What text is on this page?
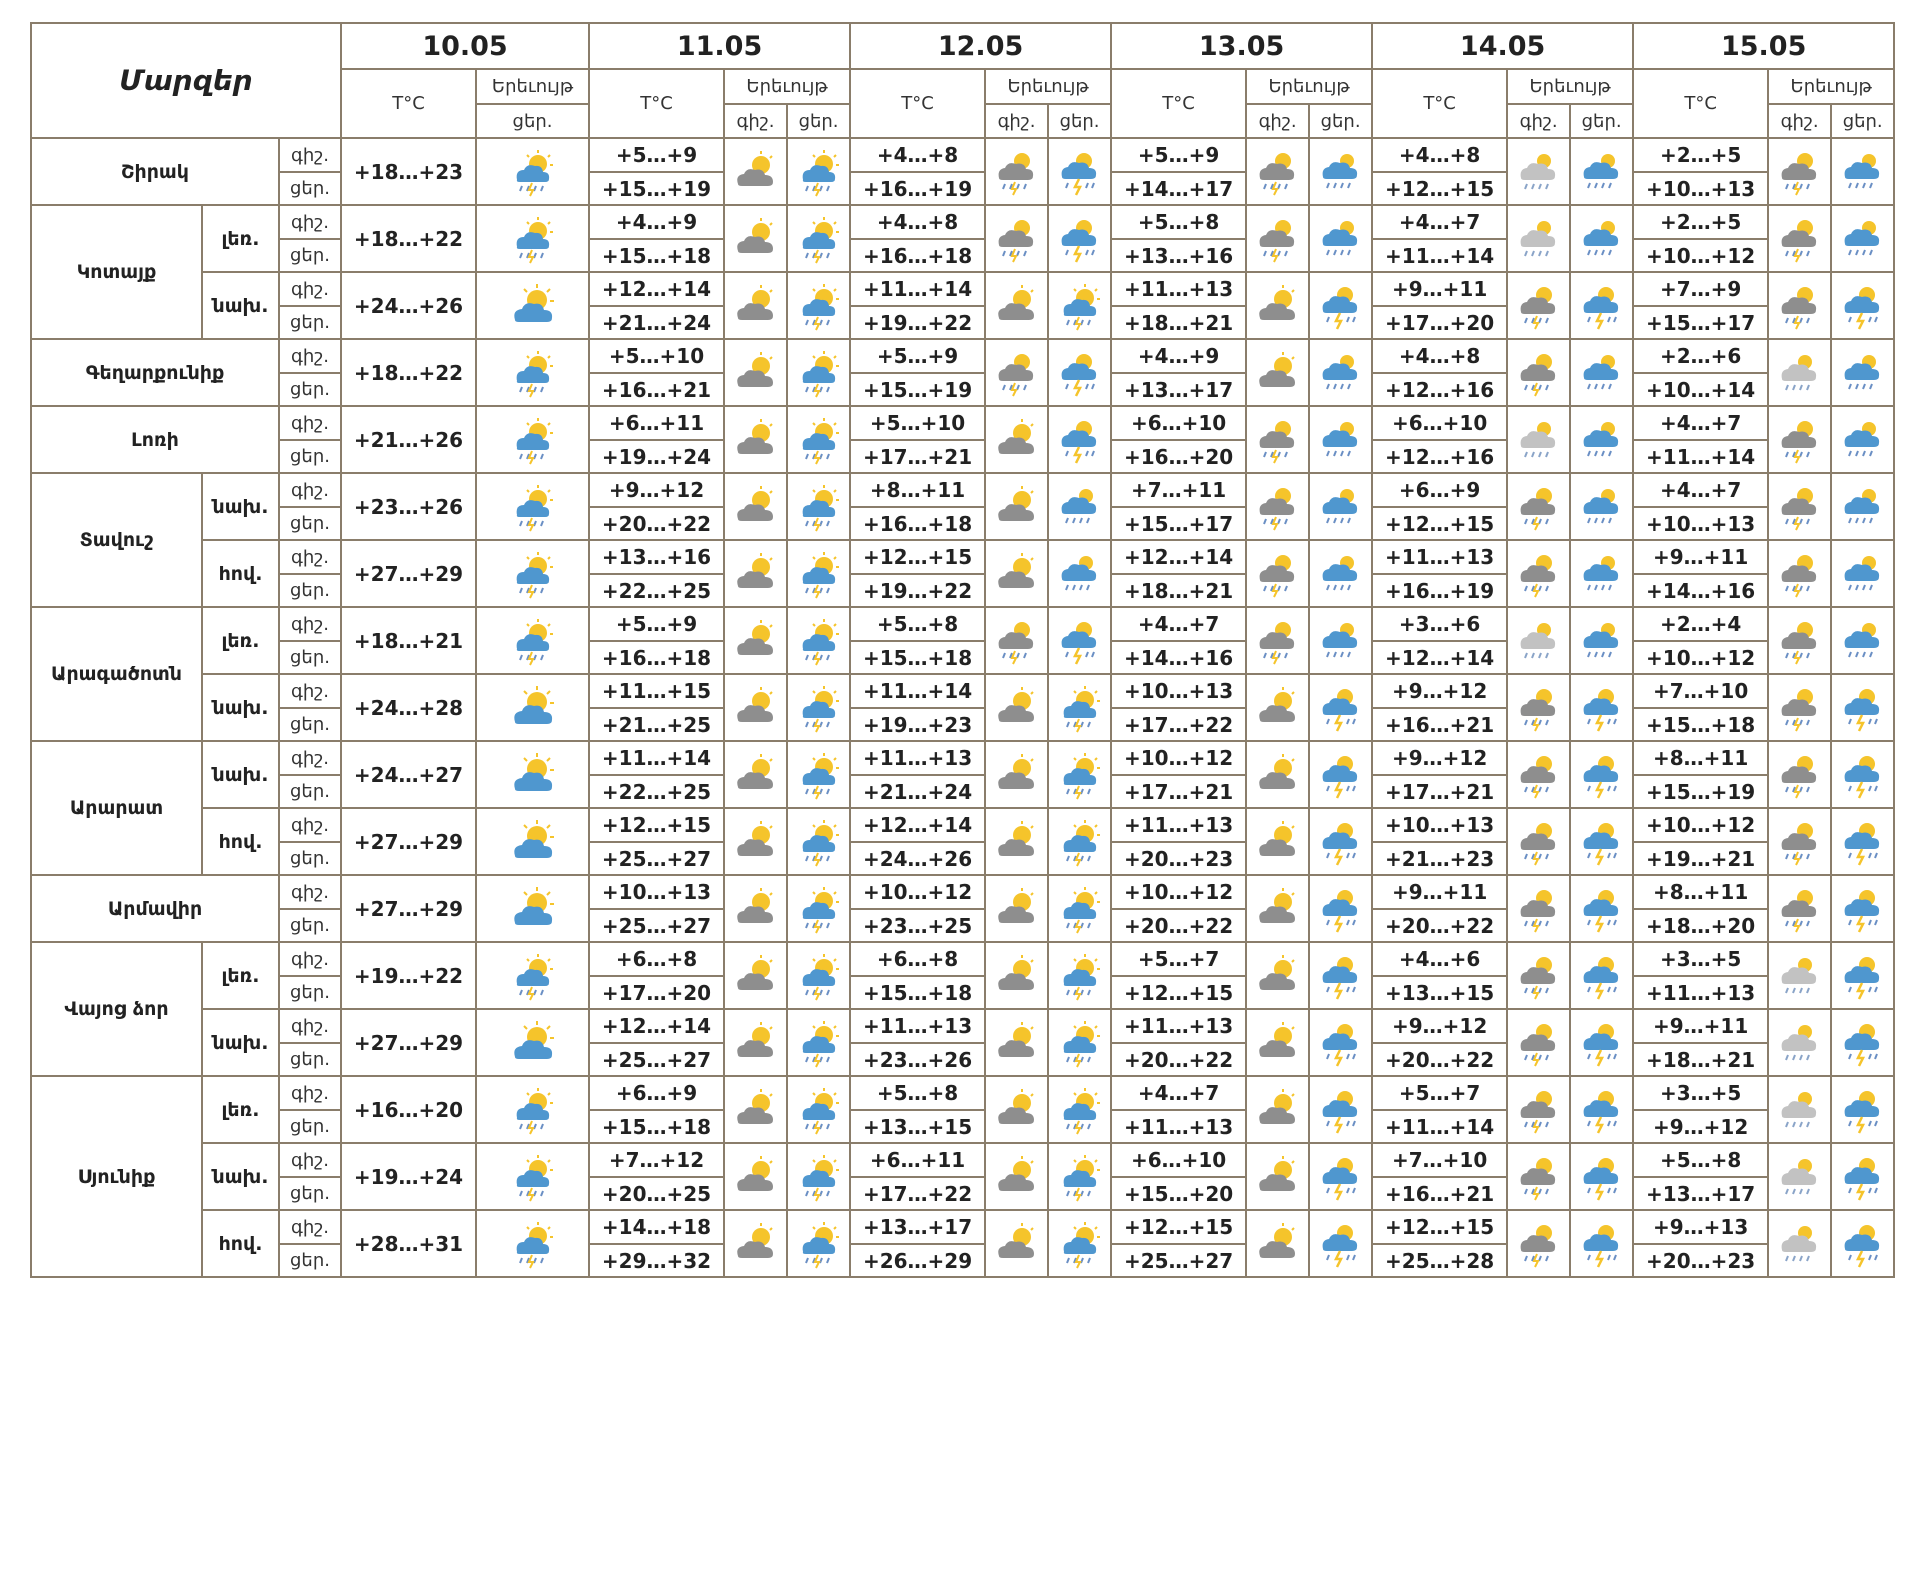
Մարզեր			10.05		11.05			12.05			13.05			14.05			15.05		
			T°C	Երեւույթ	T°C	Երեւույթ		T°C	Երեւույթ		T°C	Երեւույթ		T°C	Երեւույթ		T°C	Երեւույթ	
				ցեր.		գիշ.	ցեր.		գիշ.	ցեր.		գիշ.	ցեր.		գիշ.	ցեր.		գիշ.	ցեր.
Շիրակ		գիշ.	+18…+23		+5…+9			+4…+8			+5…+9			+4…+8			+2…+5	

		ցեր.			+15…+19			+16…+19			+14…+17			+12…+15			+10…+13		
Կոտայք	լեռ.	գիշ.	+18…+22		+4…+9			+4…+8			+5…+8			+4…+7			+2…+5	

		ցեր.			+15…+18			+16…+18			+13…+16			+11…+14			+10…+12		
	նախ.	գիշ.	+24…+26		+12…+14			+11…+14			+11…+13			+9…+11			+7…+9	

		ցեր.			+21…+24			+19…+22			+18…+21			+17…+20			+15…+17		
Գեղարքունիք		գիշ.	+18…+22		+5…+10			+5…+9			+4…+9			+4…+8			+2…+6	

		ցեր.			+16…+21			+15…+19			+13…+17			+12…+16			+10…+14		
Լոռի		գիշ.	+21…+26		+6…+11			+5…+10			+6…+10			+6…+10			+4…+7	

		ցեր.			+19…+24			+17…+21			+16…+20			+12…+16			+11…+14		
Տավուշ	նախ.	գիշ.	+23…+26		+9…+12			+8…+11			+7…+11			+6…+9			+4…+7	

		ցեր.			+20…+22			+16…+18			+15…+17			+12…+15			+10…+13		
	հով.	գիշ.	+27…+29		+13…+16			+12…+15			+12…+14			+11…+13			+9…+11	

		ցեր.			+22…+25			+19…+22			+18…+21			+16…+19			+14…+16		
Արագածոտն	լեռ.	գիշ.	+18…+21		+5…+9			+5…+8			+4…+7			+3…+6			+2…+4	

		ցեր.			+16…+18			+15…+18			+14…+16			+12…+14			+10…+12		
	նախ.	գիշ.	+24…+28		+11…+15			+11…+14			+10…+13			+9…+12			+7…+10	

		ցեր.			+21…+25			+19…+23			+17…+22			+16…+21			+15…+18		
Արարատ	նախ.	գիշ.	+24…+27		+11…+14			+11…+13			+10…+12			+9…+12			+8…+11	

		ցեր.			+22…+25			+21…+24			+17…+21			+17…+21			+15…+19		
	հով.	գիշ.	+27…+29		+12…+15			+12…+14			+11…+13			+10…+13			+10…+12	

		ցեր.			+25…+27			+24…+26			+20…+23			+21…+23			+19…+21		
Արմավիր		գիշ.	+27…+29		+10…+13			+10…+12			+10…+12			+9…+11			+8…+11	

		ցեր.			+25…+27			+23…+25			+20…+22			+20…+22			+18…+20		
Վայոց ձոր	լեռ.	գիշ.	+19…+22		+6…+8			+6…+8			+5…+7			+4…+6			+3…+5	

		ցեր.			+17…+20			+15…+18			+12…+15			+13…+15			+11…+13		
	նախ.	գիշ.	+27…+29		+12…+14			+11…+13			+11…+13			+9…+12			+9…+11	

		ցեր.			+25…+27			+23…+26			+20…+22			+20…+22			+18…+21		
Սյունիք	լեռ.	գիշ.	+16…+20		+6…+9			+5…+8			+4…+7			+5…+7			+3…+5	

		ցեր.			+15…+18			+13…+15			+11…+13			+11…+14			+9…+12		
	նախ.	գիշ.	+19…+24		+7…+12			+6…+11			+6…+10			+7…+10			+5…+8	

		ցեր.			+20…+25			+17…+22			+15…+20			+16…+21			+13…+17		
	հով.	գիշ.	+28…+31		+14…+18			+13…+17			+12…+15			+12…+15			+9…+13	

		ցեր.			+29…+32			+26…+29			+25…+27			+25…+28			+20…+23		
